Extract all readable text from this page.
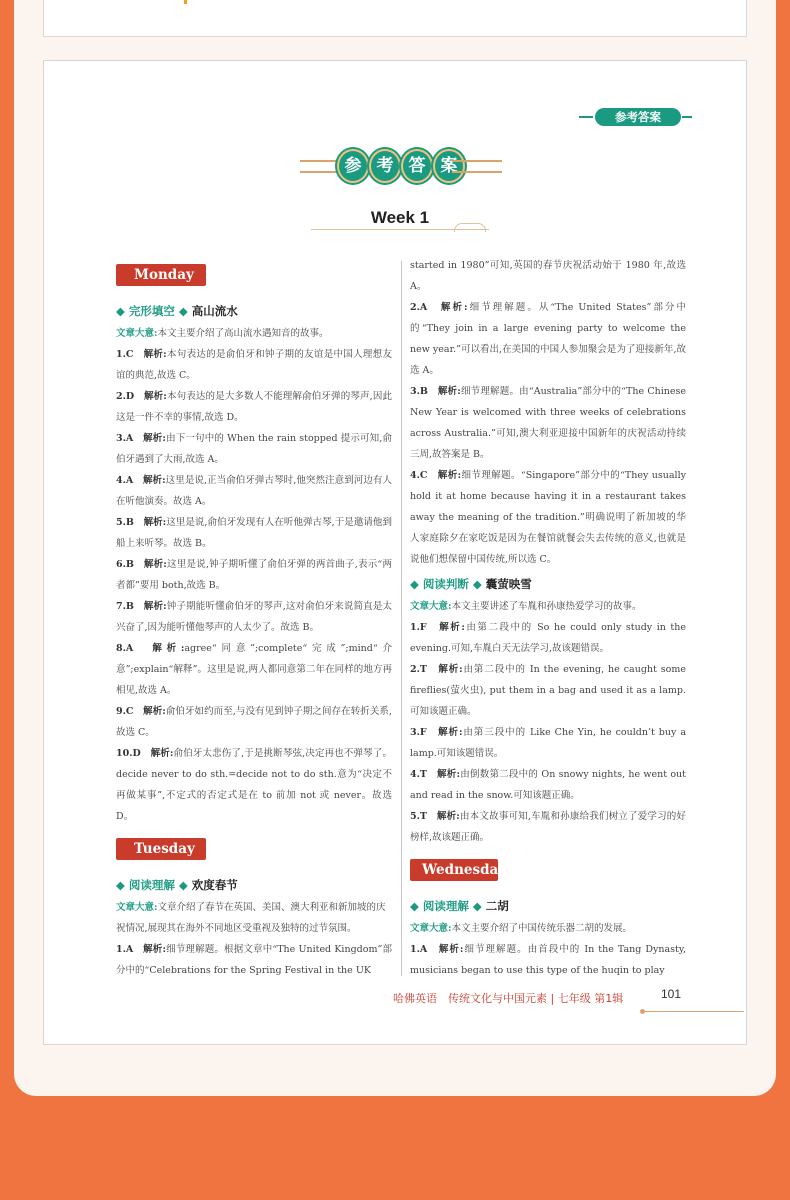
参考答案
参 考 答 案
Week 1
Monday
◆ 完形填空 ◆ 高山流水
文章大意:本文主要介绍了高山流水遇知音的故事。
1.C　 解析:本句表达的是俞伯牙和钟子期的友谊是中国人理想友谊的典范,故选 C。
2.D　 解析:本句表达的是大多数人不能理解俞伯牙弹的琴声,因此这是一件不幸的事情,故选 D。
3.A　 解析:由下一句中的 When the rain stopped 提示可知,俞伯牙遇到了大雨,故选 A。
4.A　 解析:这里是说,正当俞伯牙弹古琴时,他突然注意到河边有人在听他演奏。故选 A。
5.B　 解析:这里是说,俞伯牙发现有人在听他弹古琴,于是邀请他到船上来听琴。故选 B。
6.B　 解析:这里是说,钟子期听懂了俞伯牙弹的两首曲子,表示“两者都”要用 both,故选 B。
7.B　 解析:钟子期能听懂俞伯牙的琴声,这对俞伯牙来说简直是太兴奋了,因为能听懂他琴声的人太少了。故选 B。
8.A　 解析:agree“同意”;complete“完成”;mind“介意”;explain“解释”。这里是说,两人都同意第二年在同样的地方再相见,故选 A。
9.C　 解析:俞伯牙如约而至,与没有见到钟子期之间存在转折关系,故选 C。
10.D　 解析:俞伯牙太悲伤了,于是挑断琴弦,决定再也不弹琴了。decide never to do sth.=decide not to do sth.意为“决定不再做某事”,不定式的否定式是在 to 前加 not 或 never。故选 D。
Tuesday
◆ 阅读理解 ◆ 欢度春节
文章大意:文章介绍了春节在英国、美国、澳大利亚和新加坡的庆祝情况,展现其在海外不同地区受重视及独特的过节氛围。
1.A　 解析:细节理解题。根据文章中“The United Kingdom”部分中的“Celebrations for the Spring Festival in the UK
started in 1980”可知,英国的春节庆祝活动始于 1980 年,故选 A。
2.A　 解析:细节理解题。从“The United States”部分中的“They join in a large evening party to welcome the new year.”可以看出,在美国的中国人参加聚会是为了迎接新年,故选 A。
3.B　 解析:细节理解题。由“Australia”部分中的“The Chinese New Year is welcomed with three weeks of celebrations across Australia.”可知,澳大利亚迎接中国新年的庆祝活动持续三周,故答案是 B。
4.C　 解析:细节理解题。“Singapore”部分中的“They usually hold it at home because having it in a restaurant takes away the meaning of the tradition.”明确说明了新加坡的华人家庭除夕在家吃饭是因为在餐馆就餐会失去传统的意义,也就是说他们想保留中国传统,所以选 C。
◆ 阅读判断 ◆ 囊萤映雪
文章大意:本文主要讲述了车胤和孙康热爱学习的故事。
1.F　 解析:由第二段中的 So he could only study in the evening.可知,车胤白天无法学习,故该题错误。
2.T　 解析:由第二段中的 In the evening, he caught some fireflies(萤火虫), put them in a bag and used it as a lamp.可知该题正确。
3.F　 解析:由第三段中的 Like Che Yin, he couldn’t buy a lamp.可知该题错误。
4.T　 解析:由倒数第二段中的 On snowy nights, he went out and read in the snow.可知该题正确。
5.T　 解析:由本文故事可知,车胤和孙康给我们树立了爱学习的好榜样,故该题正确。
Wednesday
◆ 阅读理解 ◆ 二胡
文章大意:本文主要介绍了中国传统乐器二胡的发展。
1.A　 解析:细节理解题。由首段中的 In the Tang Dynasty, musicians began to use this type of the huqin to play
哈佛英语　传统文化与中国元素 | 七年级 第1辑	101
